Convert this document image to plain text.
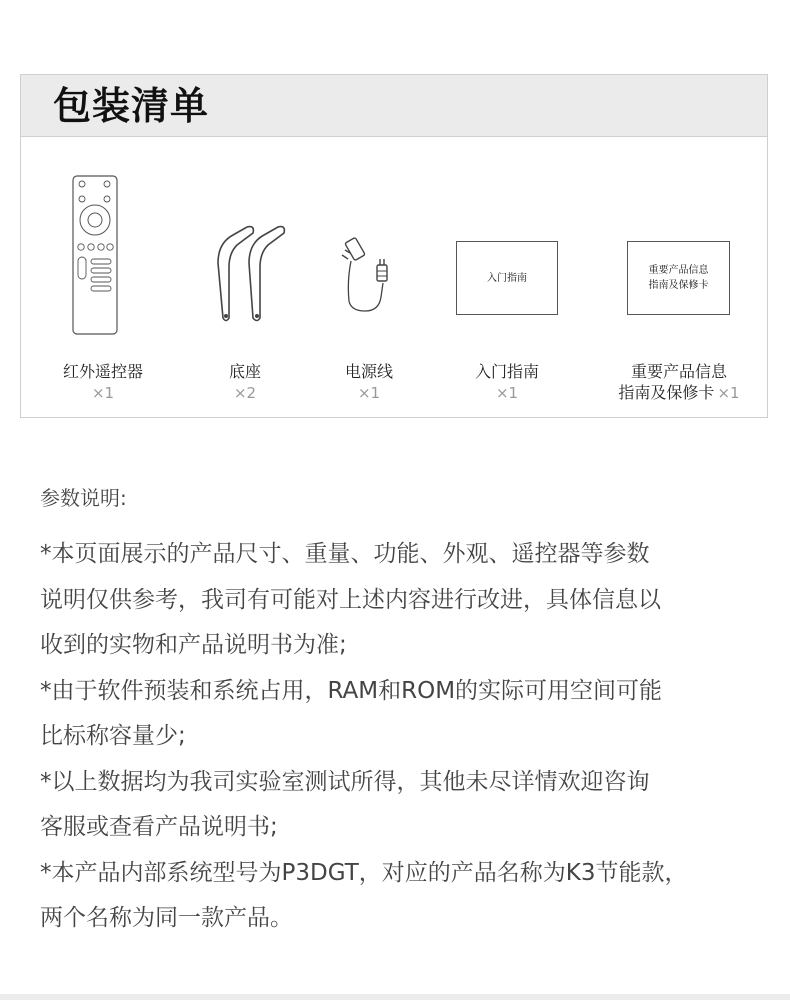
包装清单
入门指南
重要产品信息
指南及保修卡
红外遥控器
×1
底座
×2
电源线
×1
入门指南
×1
重要产品信息
指南及保修卡 ×1
参数说明:
*本页面展示的产品尺寸、重量、功能、外观、遥控器等参数
说明仅供参考，我司有可能对上述内容进行改进，具体信息以
收到的实物和产品说明书为准;
*由于软件预装和系统占用，RAM和ROM的实际可用空间可能
比标称容量少;
*以上数据均为我司实验室测试所得，其他未尽详情欢迎咨询
客服或查看产品说明书;
*本产品内部系统型号为P3DGT，对应的产品名称为K3节能款，
两个名称为同一款产品。
